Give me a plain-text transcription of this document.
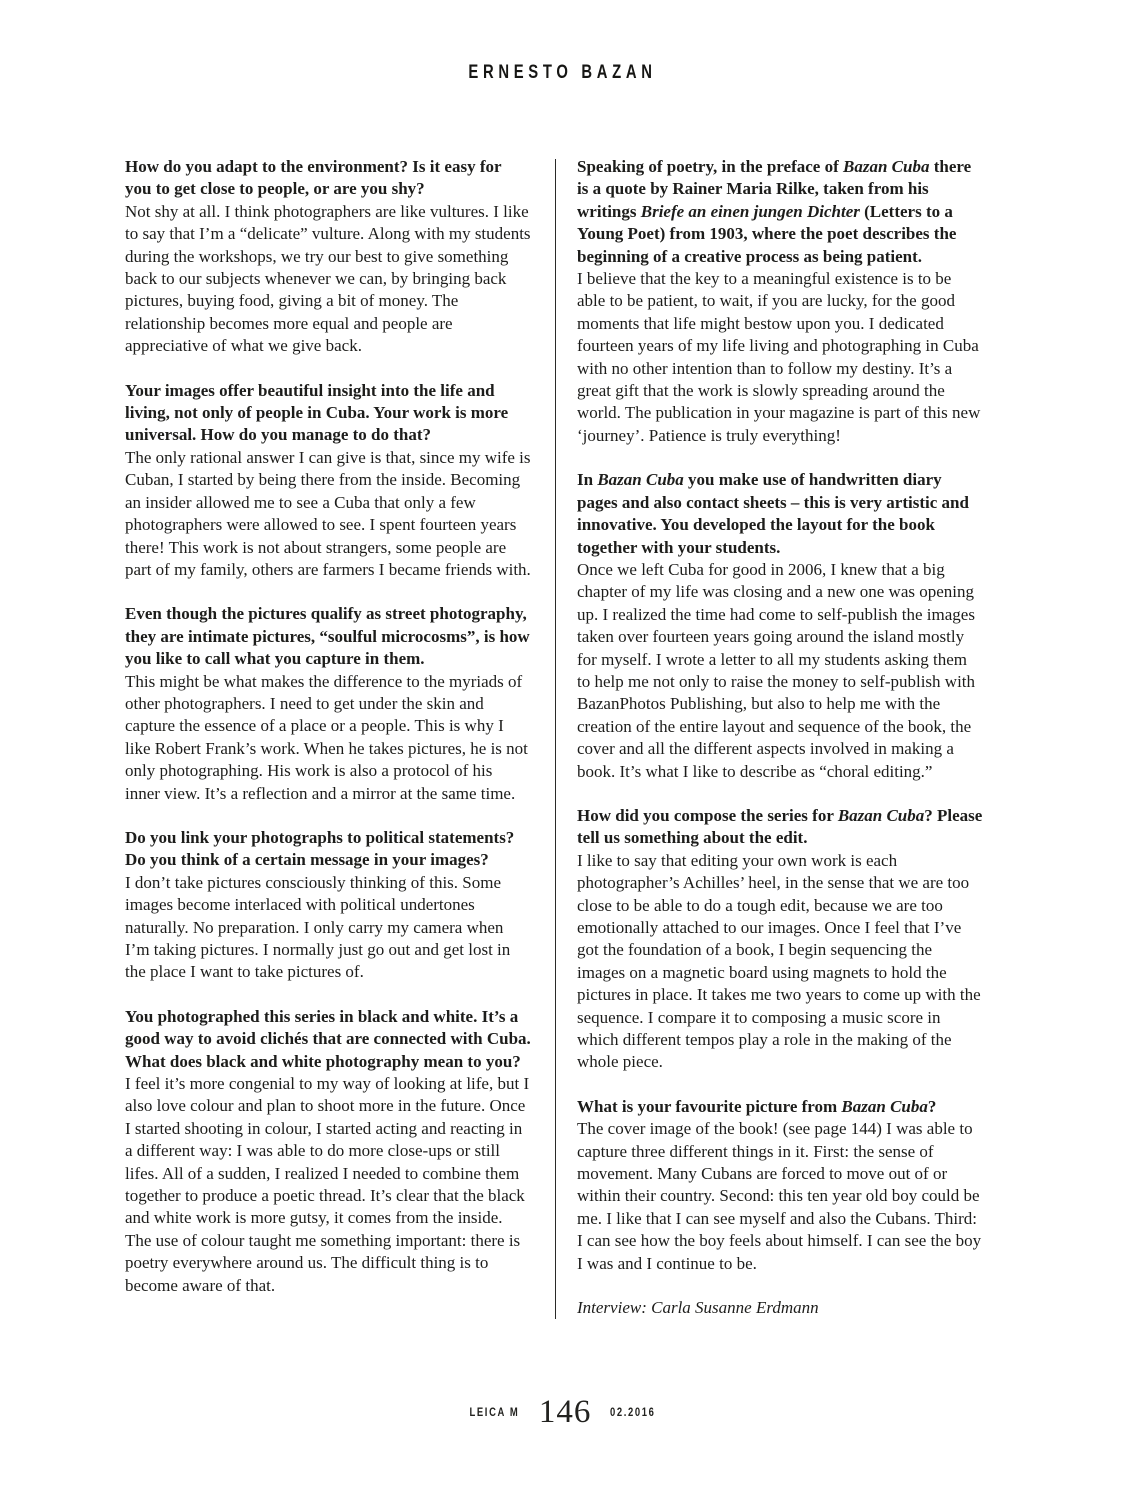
ERNESTO BAZAN

How do you adapt to the environment? Is it easy for you to get close to people, or are you shy?

Not shy at all. I think photographers are like vultures. I like to say that I’m a “delicate” vulture. Along with my students during the workshops, we try our best to give something back to our subjects whenever we can, by bringing back pictures, buying food, giving a bit of money. The relationship becomes more equal and people are appreciative of what we give back.

Your images offer beautiful insight into the life and living, not only of people in Cuba. Your work is more universal. How do you manage to do that?

The only rational answer I can give is that, since my wife is Cuban, I started by being there from the inside. Becoming an insider allowed me to see a Cuba that only a few photographers were allowed to see. I spent fourteen years there! This work is not about strangers, some people are part of my family, others are farmers I became friends with.

Even though the pictures qualify as street photography, they are intimate pictures, “soulful microcosms”, is how you like to call what you capture in them.

This might be what makes the difference to the myriads of other photographers. I need to get under the skin and capture the essence of a place or a people. This is why I like Robert Frank’s work. When he takes pictures, he is not only photographing. His work is also a protocol of his inner view. It’s a reflection and a mirror at the same time.

Do you link your photographs to political statements? Do you think of a certain message in your images?

I don’t take pictures consciously thinking of this. Some images become interlaced with political undertones naturally. No preparation. I only carry my camera when I’m taking pictures. I normally just go out and get lost in the place I want to take pictures of.

You photographed this series in black and white. It’s a good way to avoid clichés that are connected with Cuba. What does black and white photography mean to you?

I feel it’s more congenial to my way of looking at life, but I also love colour and plan to shoot more in the future. Once I started shooting in colour, I started acting and reacting in a different way: I was able to do more close-ups or still lifes. All of a sudden, I realized I needed to combine them together to produce a poetic thread. It’s clear that the black and white work is more gutsy, it comes from the inside. The use of colour taught me something important: there is poetry everywhere around us. The difficult thing is to become aware of that.

Speaking of poetry, in the preface of Bazan Cuba there is a quote by Rainer Maria Rilke, taken from his writings Briefe an einen jungen Dichter (Letters to a Young Poet) from 1903, where the poet describes the beginning of a creative process as being patient.

I believe that the key to a meaningful existence is to be able to be patient, to wait, if you are lucky, for the good moments that life might bestow upon you. I dedicated fourteen years of my life living and photographing in Cuba with no other intention than to follow my destiny. It’s a great gift that the work is slowly spreading around the world. The publication in your magazine is part of this new ‘journey’. Patience is truly everything!

In Bazan Cuba you make use of handwritten diary pages and also contact sheets – this is very artistic and innovative. You developed the layout for the book together with your students.

Once we left Cuba for good in 2006, I knew that a big chapter of my life was closing and a new one was opening up. I realized the time had come to self-publish the images taken over fourteen years going around the island mostly for myself. I wrote a letter to all my students asking them to help me not only to raise the money to self-publish with BazanPhotos Publishing, but also to help me with the creation of the entire layout and sequence of the book, the cover and all the different aspects involved in making a book. It’s what I like to describe as “choral editing.”

How did you compose the series for Bazan Cuba? Please tell us something about the edit.

I like to say that editing your own work is each photographer’s Achilles’ heel, in the sense that we are too close to be able to do a tough edit, because we are too emotionally attached to our images. Once I feel that I’ve got the foundation of a book, I begin sequencing the images on a magnetic board using magnets to hold the pictures in place. It takes me two years to come up with the sequence. I compare it to composing a music score in which different tempos play a role in the making of the whole piece.

What is your favourite picture from Bazan Cuba?

The cover image of the book! (see page 144) I was able to capture three different things in it. First: the sense of movement. Many Cubans are forced to move out of or within their country. Second: this ten year old boy could be me. I like that I can see myself and also the Cubans. Third: I can see how the boy feels about himself. I can see the boy I was and I continue to be.

Interview: Carla Susanne Erdmann

LEICA M 146 02.2016
